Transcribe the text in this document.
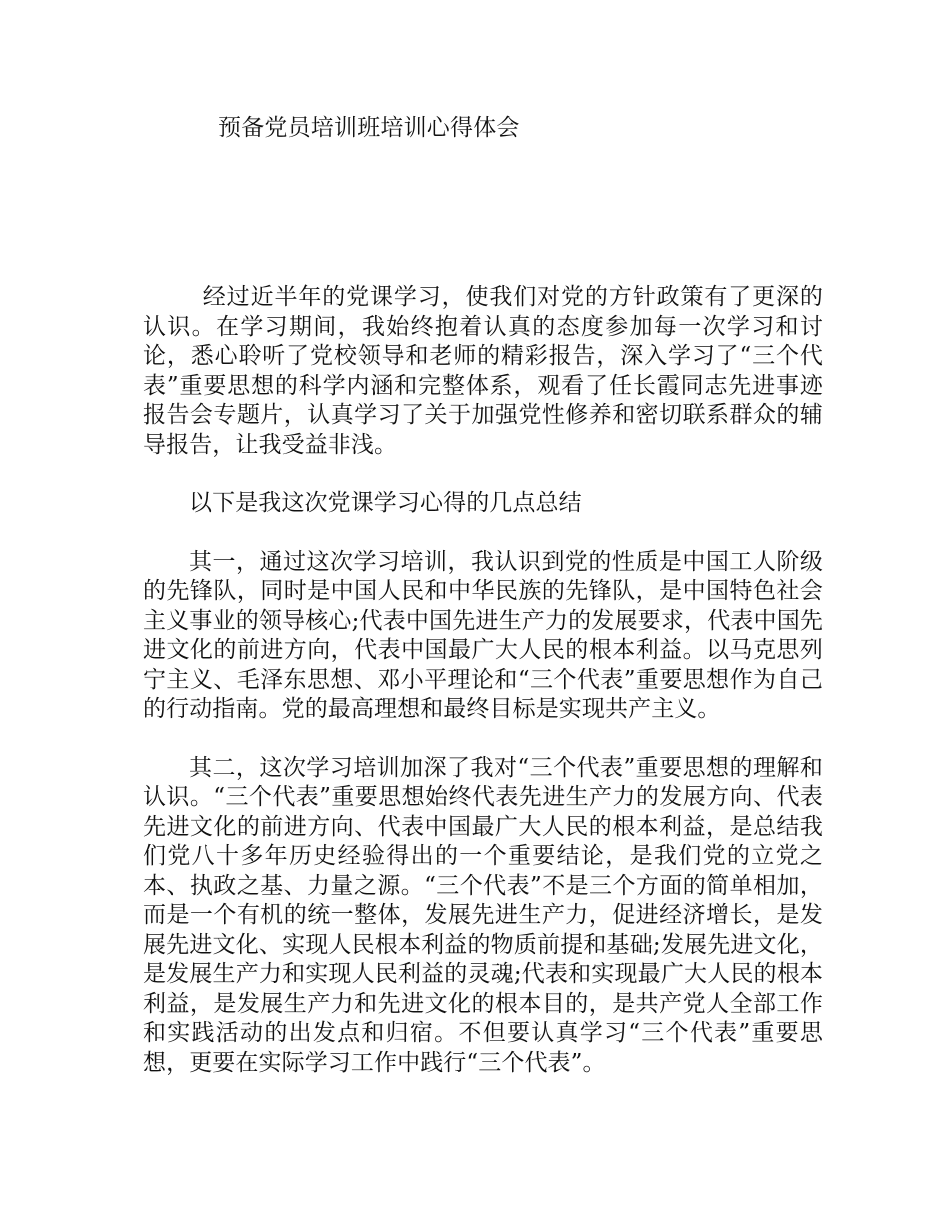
预备党员培训班培训心得体会

经过近半年的党课学习，使我们对党的方针政策有了更深的认识。在学习期间，我始终抱着认真的态度参加每一次学习和讨论，悉心聆听了党校领导和老师的精彩报告，深入学习了“三个代表”重要思想的科学内涵和完整体系，观看了任长霞同志先进事迹报告会专题片，认真学习了关于加强党性修养和密切联系群众的辅导报告，让我受益非浅。

以下是我这次党课学习心得的几点总结

其一，通过这次学习培训，我认识到党的性质是中国工人阶级的先锋队，同时是中国人民和中华民族的先锋队，是中国特色社会主义事业的领导核心;代表中国先进生产力的发展要求，代表中国先进文化的前进方向，代表中国最广大人民的根本利益。以马克思列宁主义、毛泽东思想、邓小平理论和“三个代表”重要思想作为自己的行动指南。党的最高理想和最终目标是实现共产主义。

其二，这次学习培训加深了我对“三个代表”重要思想的理解和认识。“三个代表”重要思想始终代表先进生产力的发展方向、代表先进文化的前进方向、代表中国最广大人民的根本利益，是总结我们党八十多年历史经验得出的一个重要结论，是我们党的立党之本、执政之基、力量之源。“三个代表”不是三个方面的简单相加，而是一个有机的统一整体，发展先进生产力，促进经济增长，是发展先进文化、实现人民根本利益的物质前提和基础;发展先进文化，是发展生产力和实现人民利益的灵魂;代表和实现最广大人民的根本利益，是发展生产力和先进文化的根本目的，是共产党人全部工作和实践活动的出发点和归宿。不但要认真学习“三个代表”重要思想，更要在实际学习工作中践行“三个代表”。
